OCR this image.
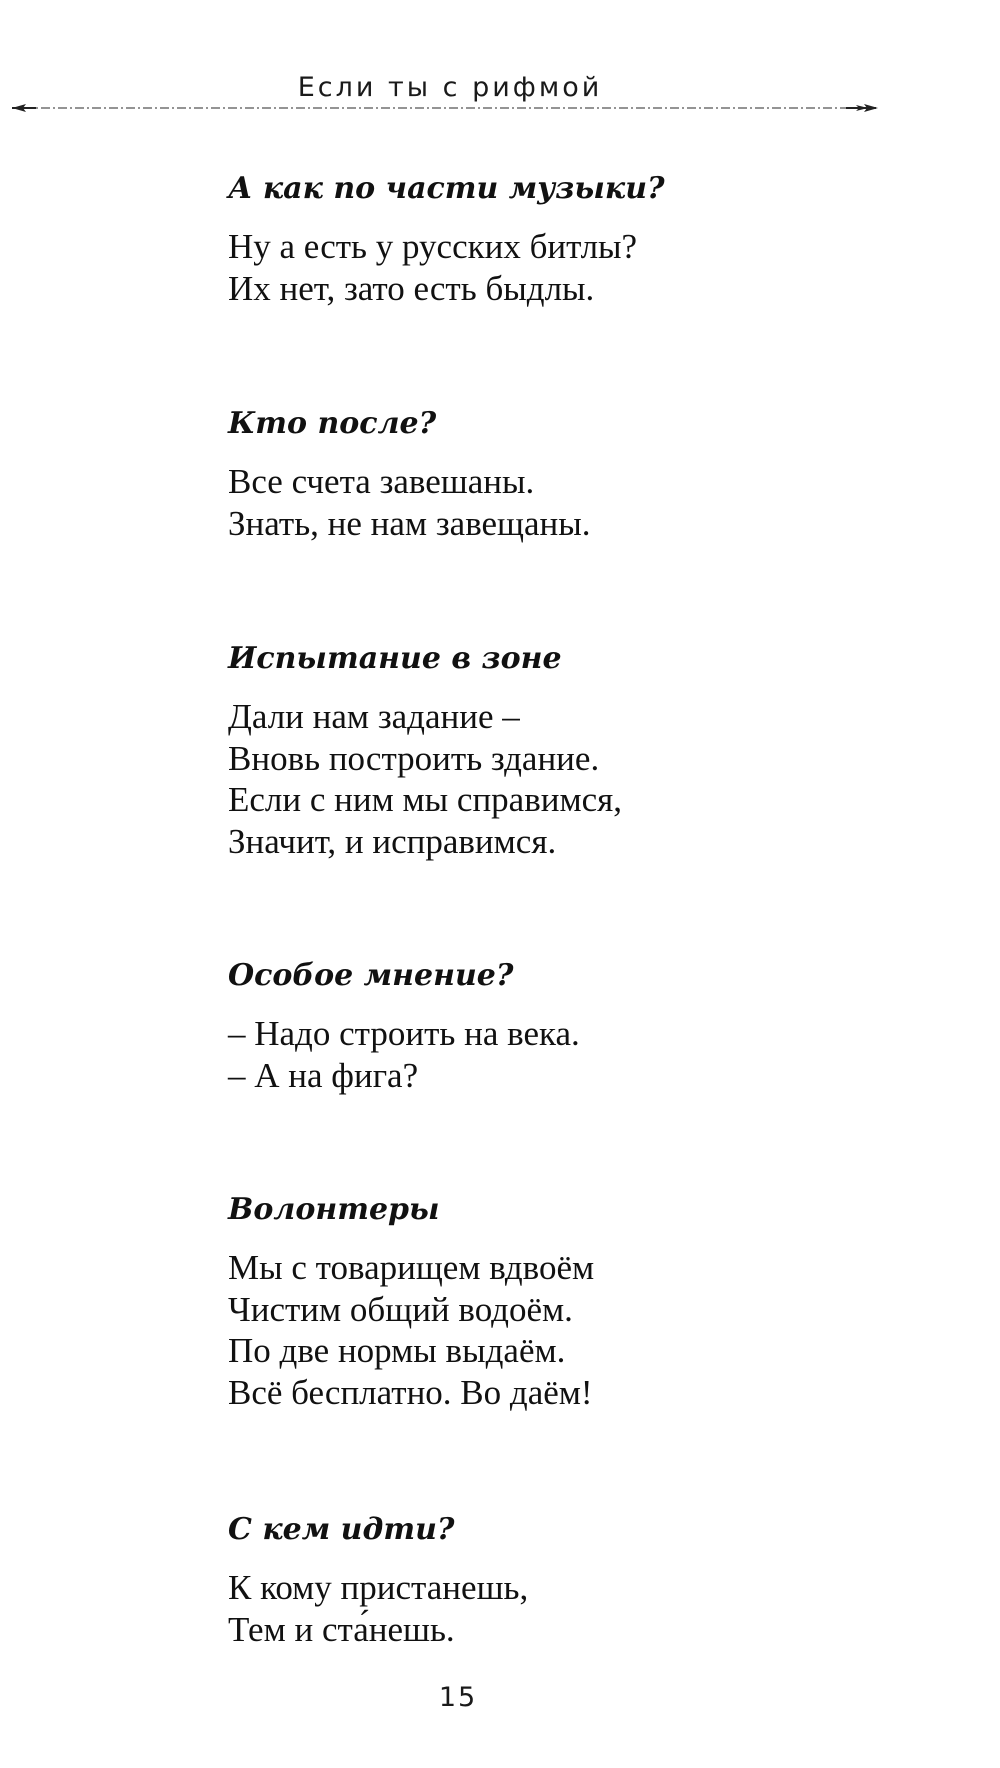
Если ты с рифмой
А как по части музыки?
Ну а есть у русских битлы?
Их нет, зато есть быдлы.
Кто после?
Все счета завешаны.
Знать, не нам завещаны.
Испытание в зоне
Дали нам задание –
Вновь построить здание.
Если с ним мы справимся,
Значит, и исправимся.
Особое мнение?
– Надо строить на века.
– А на фига?
Волонтеры
Мы с товарищем вдвоём
Чистим общий водоём.
По две нормы выдаём.
Всё бесплатно. Во даём!
С кем идти?
К кому пристанешь,
Тем и ста́нешь.
15
